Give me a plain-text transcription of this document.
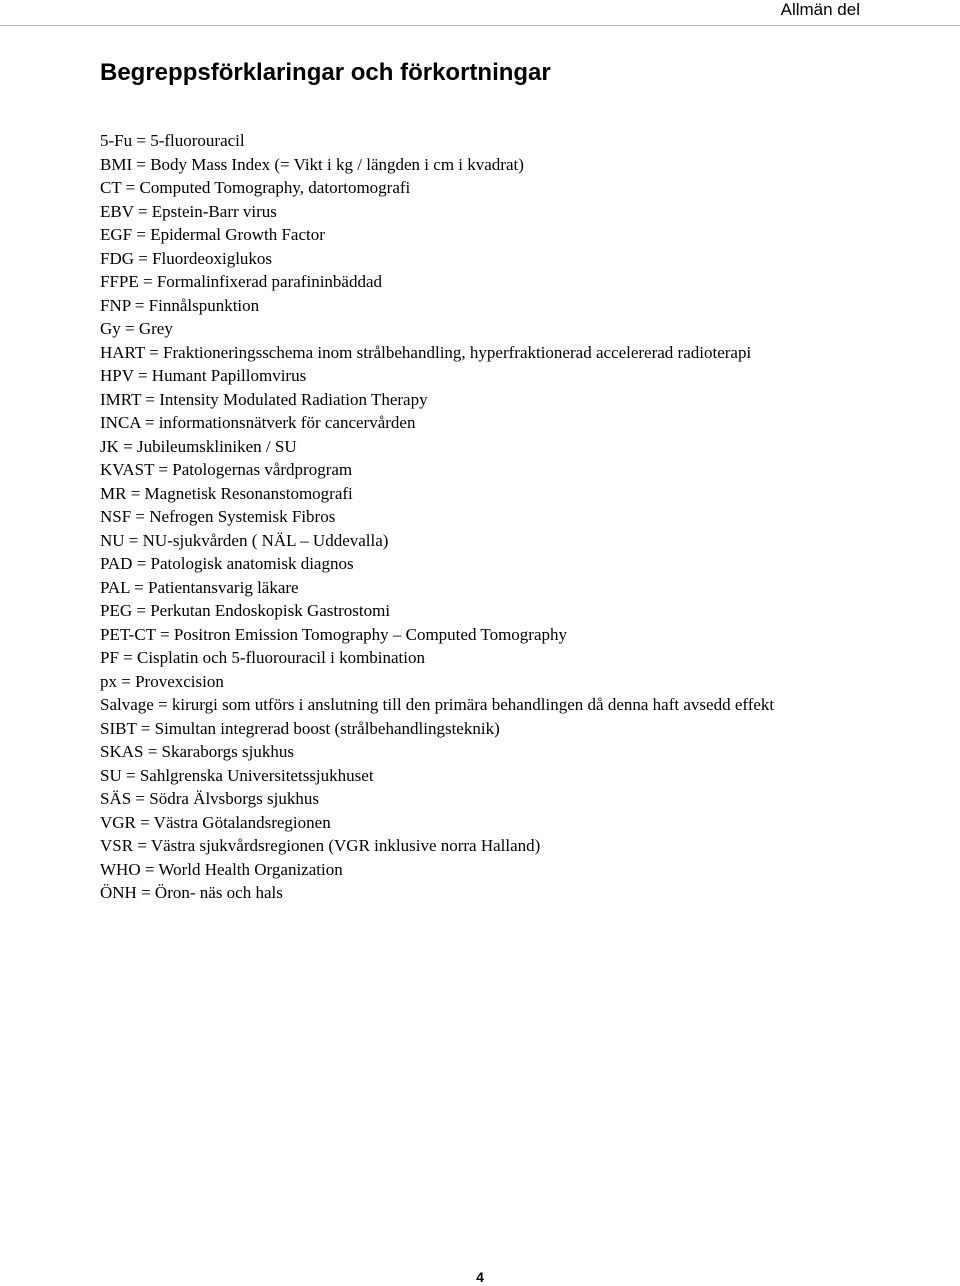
Allmän del
Begreppsförklaringar och förkortningar
5-Fu = 5-fluorouracil
BMI = Body Mass Index (= Vikt i kg / längden i cm i kvadrat)
CT = Computed Tomography, datortomografi
EBV = Epstein-Barr virus
EGF = Epidermal Growth Factor
FDG = Fluordeoxiglukos
FFPE = Formalinfixerad parafininbäddad
FNP = Finnålspunktion
Gy = Grey
HART = Fraktioneringsschema inom strålbehandling, hyperfraktionerad accelererad radioterapi
HPV = Humant Papillomvirus
IMRT = Intensity Modulated Radiation Therapy
INCA = informationsnätverk för cancervården
JK = Jubileumskliniken / SU
KVAST = Patologernas vårdprogram
MR = Magnetisk Resonanstomografi
NSF = Nefrogen Systemisk Fibros
NU = NU-sjukvården ( NÄL – Uddevalla)
PAD = Patologisk anatomisk diagnos
PAL = Patientansvarig läkare
PEG = Perkutan Endoskopisk Gastrostomi
PET-CT = Positron Emission Tomography – Computed Tomography
PF = Cisplatin och 5-fluorouracil i kombination
px = Provexcision
Salvage = kirurgi som utförs i anslutning till den primära behandlingen då denna haft avsedd effekt
SIBT = Simultan integrerad boost (strålbehandlingsteknik)
SKAS = Skaraborgs sjukhus
SU = Sahlgrenska Universitetssjukhuset
SÄS = Södra Älvsborgs sjukhus
VGR = Västra Götalandsregionen
VSR = Västra sjukvårdsregionen (VGR inklusive norra Halland)
WHO = World Health Organization
ÖNH = Öron- näs och hals
4
